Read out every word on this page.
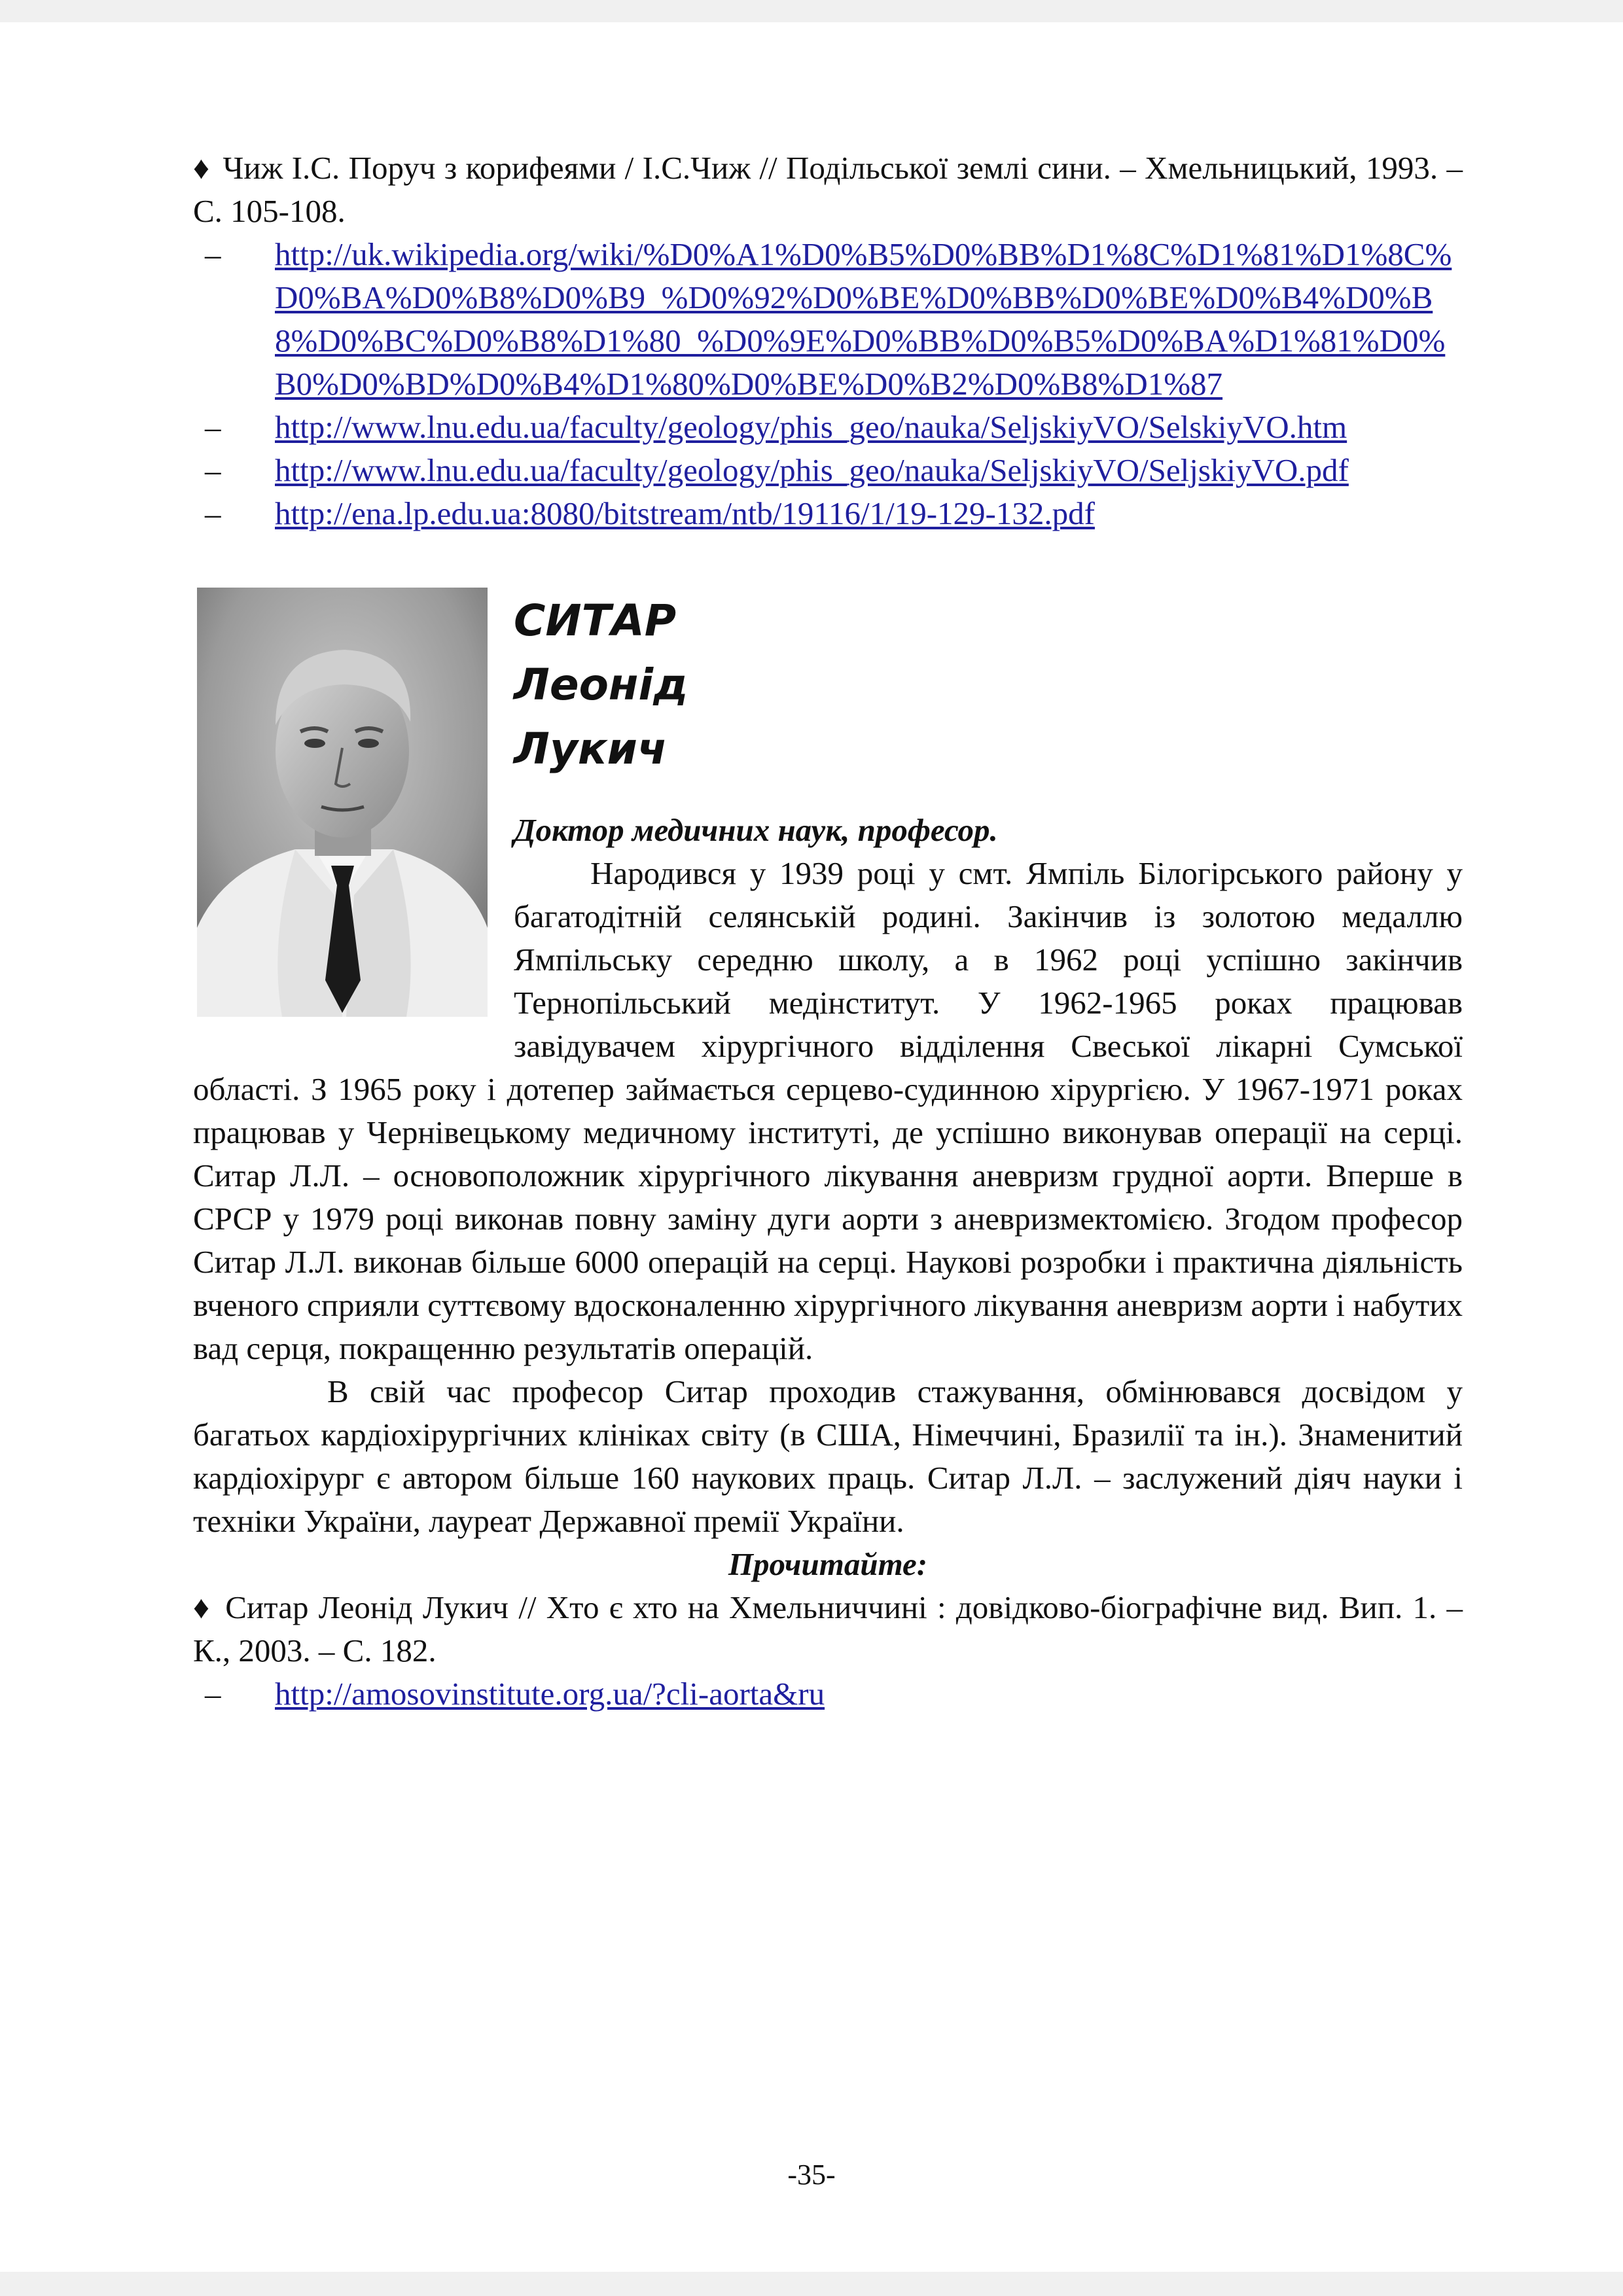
♦ Чиж І.С. Поруч з корифеями / І.С.Чиж // Подільської землі сини. – Хмельницький, 1993. – С. 105-108.

– http://uk.wikipedia.org/wiki/%D0%A1%D0%B5%D0%BB%D1%8C%D1%81%D1%8C%D0%BA%D0%B8%D0%B9_%D0%92%D0%BE%D0%BB%D0%BE%D0%B4%D0%B8%D0%BC%D0%B8%D1%80_%D0%9E%D0%BB%D0%B5%D0%BA%D1%81%D0%B0%D0%BD%D0%B4%D1%80%D0%BE%D0%B2%D0%B8%D1%87
– http://www.lnu.edu.ua/faculty/geology/phis_geo/nauka/SeljskiyVO/SelskiyVO.htm
– http://www.lnu.edu.ua/faculty/geology/phis_geo/nauka/SeljskiyVO/SeljskiyVO.pdf
– http://ena.lp.edu.ua:8080/bitstream/ntb/19116/1/19-129-132.pdf

СИТАР

Леонід

Лукич

Доктор медичних наук, професор.

Народився у 1939 році у смт. Ямпіль Білогірського району у багатодітній селянській родині. Закінчив із золотою медаллю Ямпільську середню школу, а в 1962 році успішно закінчив Тернопільський медінститут. У 1962-1965 роках працював завідувачем хірургічного відділення Свеської лікарні Сумської області. З 1965 року і дотепер займається серцево-судинною хірургією. У 1967-1971 роках працював у Чернівецькому медичному інституті, де успішно виконував операції на серці. Ситар Л.Л. – основоположник хірургічного лікування аневризм грудної аорти. Вперше в СРСР у 1979 році виконав повну заміну дуги аорти з аневризмектомією. Згодом професор Ситар Л.Л. виконав більше 6000 операцій на серці. Наукові розробки і практична діяльність вченого сприяли суттєвому вдосконаленню хірургічного лікування аневризм аорти і набутих вад серця, покращенню результатів операцій.

В свій час професор Ситар проходив стажування, обмінювався досвідом у багатьох кардіохірургічних клініках світу (в США, Німеччині, Бразилії та ін.). Знаменитий кардіохірург є автором більше 160 наукових праць. Ситар Л.Л. – заслужений діяч науки і техніки України, лауреат Державної премії України.

Прочитайте:

♦ Ситар Леонід Лукич // Хто є хто на Хмельниччині : довідково-біографічне вид. Вип. 1. – К., 2003. – С. 182.

– http://amosovinstitute.org.ua/?cli-aorta&ru
-35-
